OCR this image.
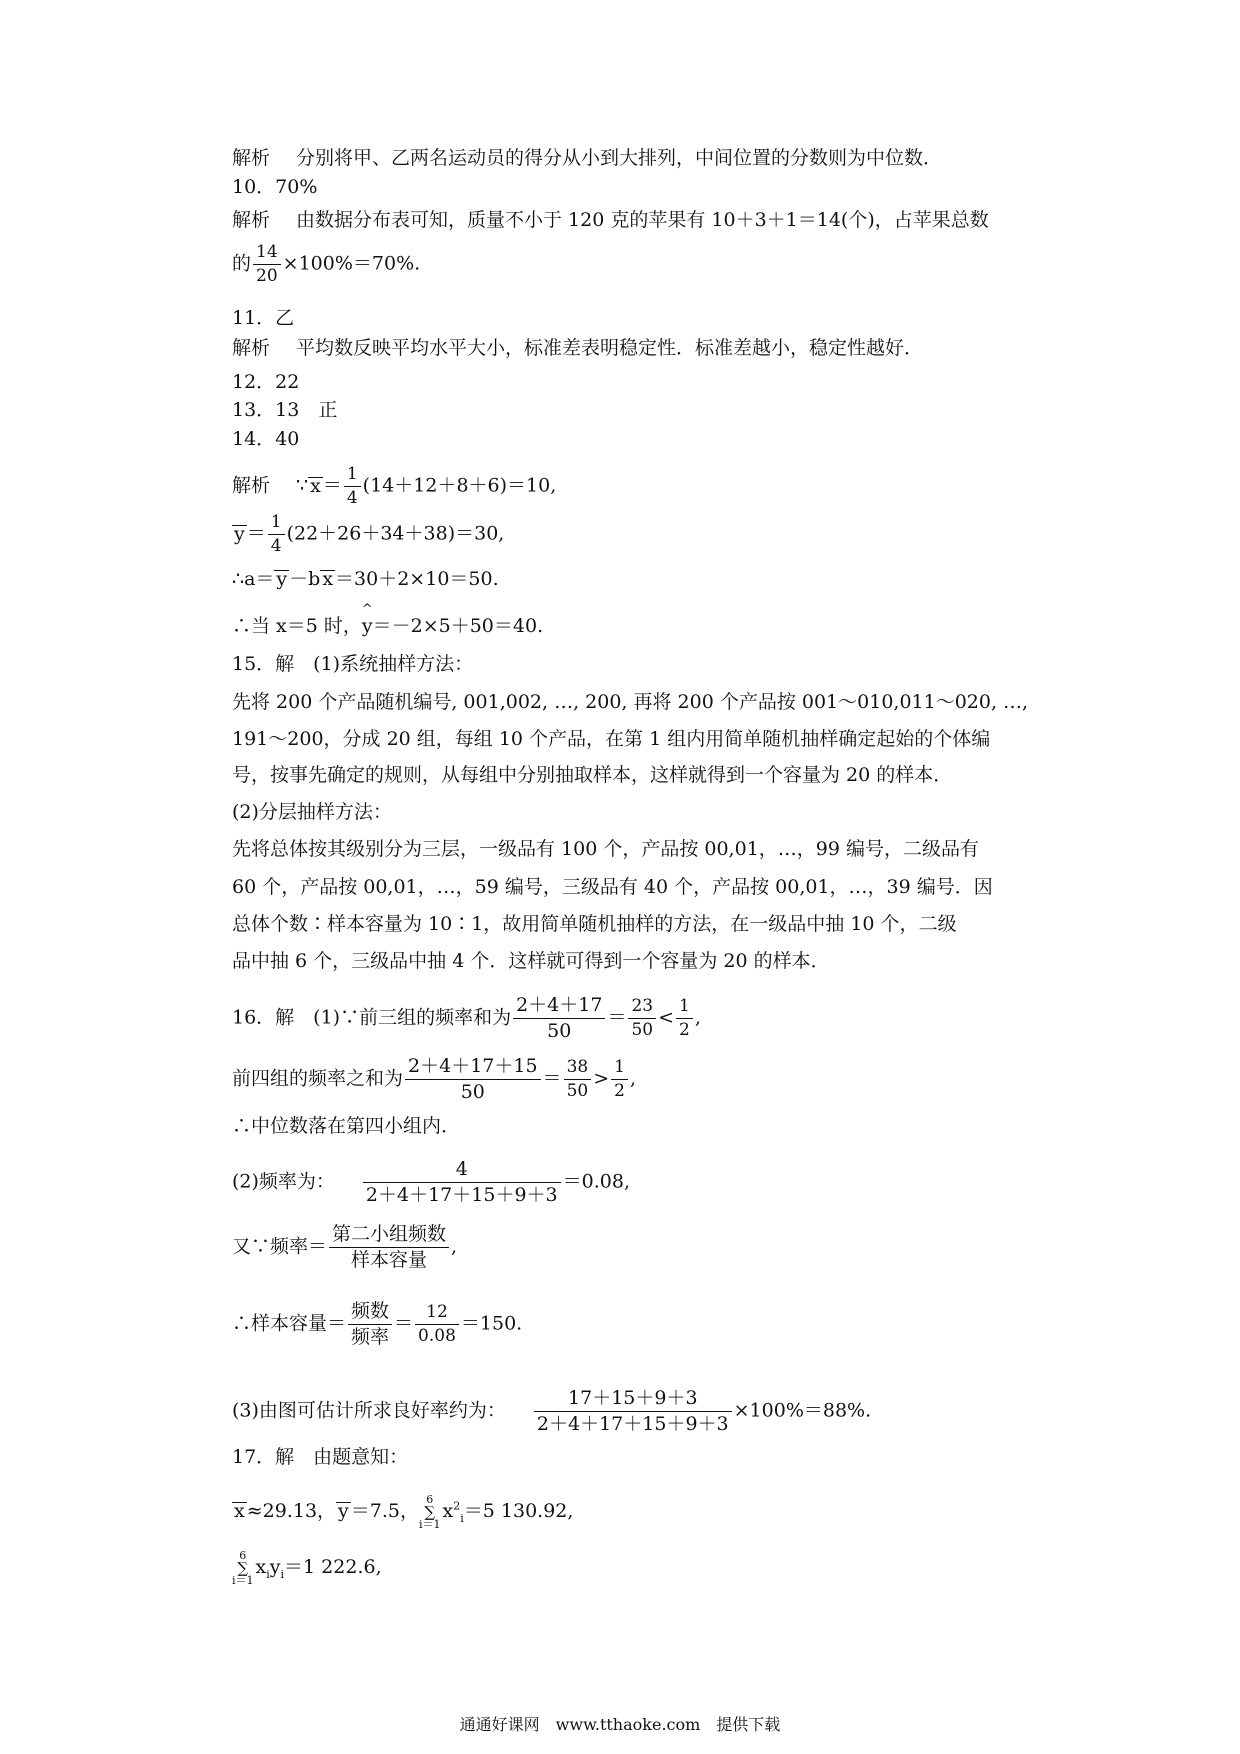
解析 分别将甲、乙两名运动员的得分从小到大排列，中间位置的分数则为中位数．
10．70%
解析 由数据分布表可知，质量不小于 120 克的苹果有 10＋3＋1＝14(个)，占苹果总数
的 $\frac{14}{20} \times 100\%=70\%$.
11．乙
解析 平均数反映平均水平大小，标准差表明稳定性．标准差越小，稳定性越好．
12．22
13．13　正
14．40
解析 ∵ $x = \frac{1}{4} (14+12+8+6)=10$,
$y = \frac{1}{4} (22+26+34+38)=30$,
∴a＝ y －b x ＝30＋2×10＝50.
∴当 x＝5 时，^ y＝－2×5＋50＝40.
15．解　(1)系统抽样方法：
先将 200 个产品随机编号, 001,002, …, 200, 再将 200 个产品按 001～010,011～020, …,
191～200，分成 20 组，每组 10 个产品，在第 1 组内用简单随机抽样确定起始的个体编
号，按事先确定的规则，从每组中分别抽取样本，这样就得到一个容量为 20 的样本．
(2)分层抽样方法：
先将总体按其级别分为三层，一级品有 100 个，产品按 00,01，…，99 编号，二级品有
60 个，产品按 00,01，…，59 编号，三级品有 40 个，产品按 00,01，…，39 编号．因
总体个数∶样本容量为 10∶1，故用简单随机抽样的方法，在一级品中抽 10 个，二级
品中抽 6 个，三级品中抽 4 个．这样就可得到一个容量为 20 的样本．
16．解　(1)∵前三组的频率和为 $\frac{2+4+17}{50} = \frac{23}{50} < \frac{1}{2}$ ,
前四组的频率之和为 $\frac{2+4+17+15}{50} = \frac{38}{50} > \frac{1}{2}$ ,
∴中位数落在第四小组内．
(2)频率为： $\frac{4}{2+4+17+15+9+3} =0.08$,
又∵频率＝ $\frac{\text{第二小组频数}}{\text{样本容量}}$ ,
∴样本容量＝ $\frac{\text{频数}}{\text{频率}} = \frac{12}{0.08} =150$.
(3)由图可估计所求良好率约为： $\frac{17+15+9+3}{2+4+17+15+9+3} \times 100\%=88\%$.
17．解　由题意知：
x ≈29.13， y ＝7.5，6
∑
$i=1x^2_i=5$ 130.92,
6
∑
$i=1x_iy_i=1$ 222.6,
通通好课网　www.tthaoke.com　提供下载
